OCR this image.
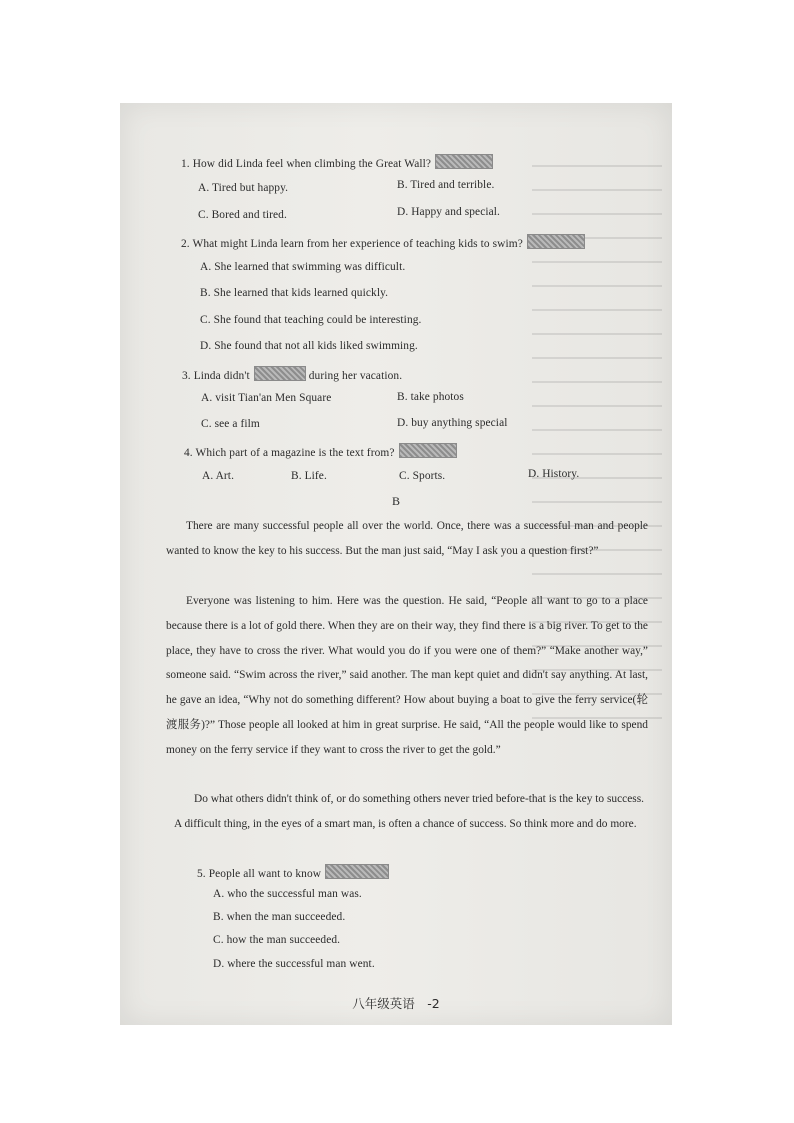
1. How did Linda feel when climbing the Great Wall?
A. Tired but happy.	B. Tired and terrible.
C. Bored and tired.	D. Happy and special.
2. What might Linda learn from her experience of teaching kids to swim?
A. She learned that swimming was difficult.
B. She learned that kids learned quickly.
C. She found that teaching could be interesting.
D. She found that not all kids liked swimming.
3. Linda didn't	during her vacation.
A. visit Tian'an Men Square	B. take photos
C. see a film	D. buy anything special
4. Which part of a magazine is the text from?
A. Art.	B. Life.	C. Sports.	D. History.
B
There are many successful people all over the world. Once, there was a successful man and people wanted to know the key to his success. But the man just said, “May I ask you a question first?”
Everyone was listening to him. Here was the question. He said, “People all want to go to a place because there is a lot of gold there. When they are on their way, they find there is a big river. To get to the place, they have to cross the river. What would you do if you were one of them?” “Make another way,” someone said. “Swim across the river,” said another. The man kept quiet and didn't say anything. At last, he gave an idea, “Why not do something different? How about buying a boat to give the ferry service(轮渡服务)?” Those people all looked at him in great surprise. He said, “All the people would like to spend money on the ferry service if they want to cross the river to get the gold.”
Do what others didn't think of, or do something others never tried before-that is the key to success. A difficult thing, in the eyes of a smart man, is often a chance of success. So think more and do more.
5. People all want to know
A. who the successful man was.
B. when the man succeeded.
C. how the man succeeded.
D. where the successful man went.
八年级英语　-2
